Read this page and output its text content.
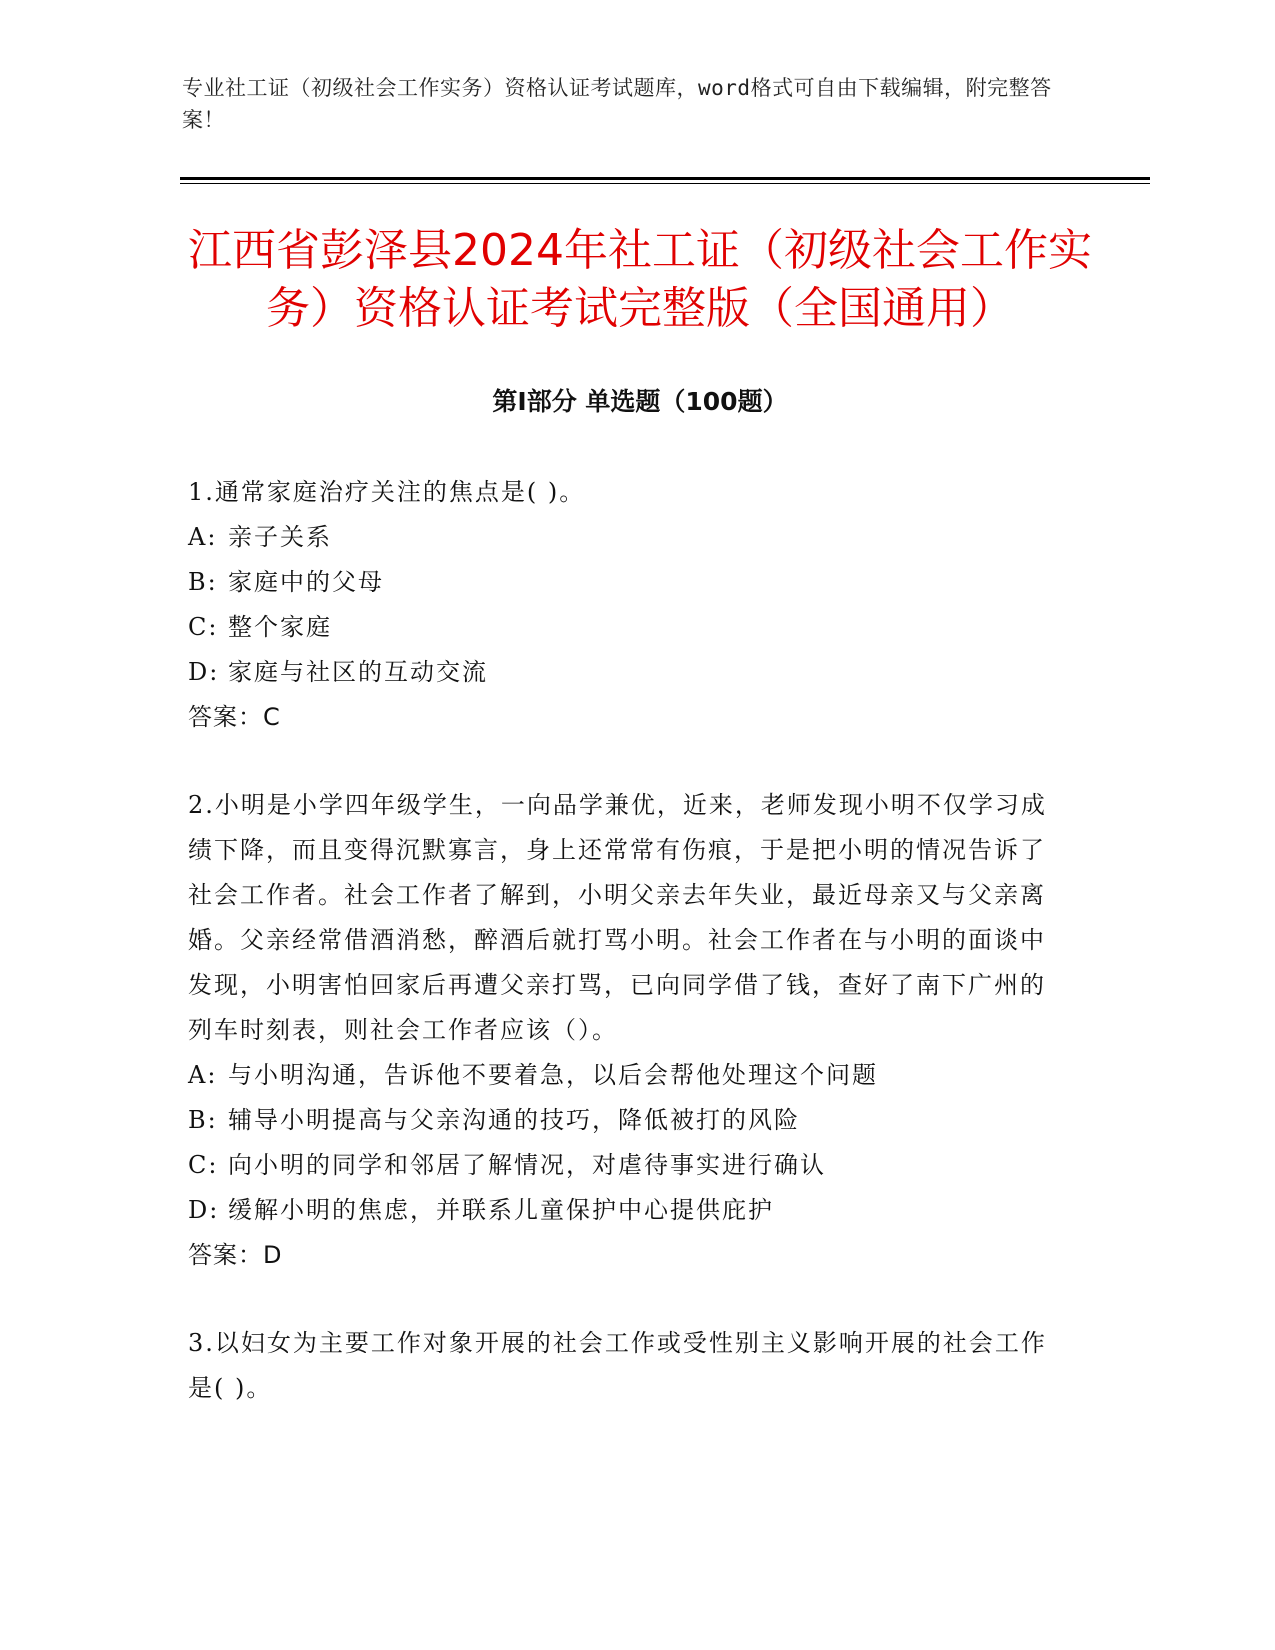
专业社工证（初级社会工作实务）资格认证考试题库，word格式可自由下载编辑，附完整答案！
江西省彭泽县2024年社工证（初级社会工作实务）资格认证考试完整版（全国通用）
第Ⅰ部分 单选题（100题）

1.通常家庭治疗关注的焦点是( )。

A: 亲子关系

B: 家庭中的父母

C: 整个家庭

D: 家庭与社区的互动交流

答案：C

2.小明是小学四年级学生，一向品学兼优，近来，老师发现小明不仅学习成绩下降，而且变得沉默寡言，身上还常常有伤痕，于是把小明的情况告诉了社会工作者。社会工作者了解到，小明父亲去年失业，最近母亲又与父亲离婚。父亲经常借酒消愁，醉酒后就打骂小明。社会工作者在与小明的面谈中发现，小明害怕回家后再遭父亲打骂，已向同学借了钱，查好了南下广州的列车时刻表，则社会工作者应该（）。

A: 与小明沟通，告诉他不要着急，以后会帮他处理这个问题

B: 辅导小明提高与父亲沟通的技巧，降低被打的风险

C: 向小明的同学和邻居了解情况，对虐待事实进行确认

D: 缓解小明的焦虑，并联系儿童保护中心提供庇护

答案：D

3.以妇女为主要工作对象开展的社会工作或受性别主义影响开展的社会工作是( )。
